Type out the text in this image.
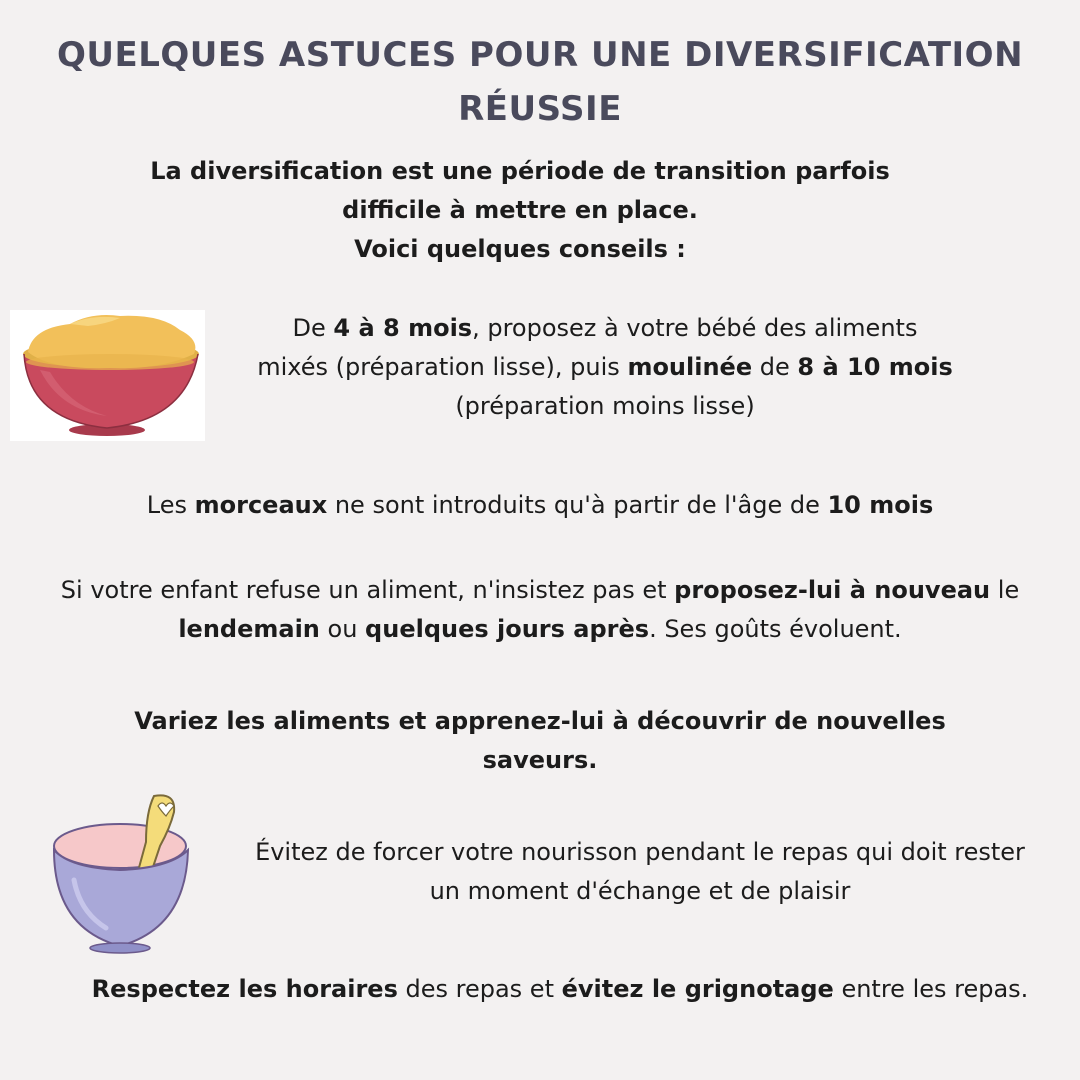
QUELQUES ASTUCES POUR UNE DIVERSIFICATION
RÉUSSIE

La diversification est une période de transition parfois
difficile à mettre en place.
Voici quelques conseils :

De 4 à 8 mois, proposez à votre bébé des aliments
mixés (préparation lisse), puis moulinée de 8 à 10 mois
(préparation moins lisse)

Les morceaux ne sont introduits qu'à partir de l'âge de 10 mois

Si votre enfant refuse un aliment, n'insistez pas et proposez-lui à nouveau le
lendemain ou quelques jours après. Ses goûts évoluent.

Variez les aliments et apprenez-lui à découvrir de nouvelles
saveurs.

Évitez de forcer votre nourisson pendant le repas qui doit rester
un moment d'échange et de plaisir

Respectez les horaires des repas et évitez le grignotage entre les repas.
